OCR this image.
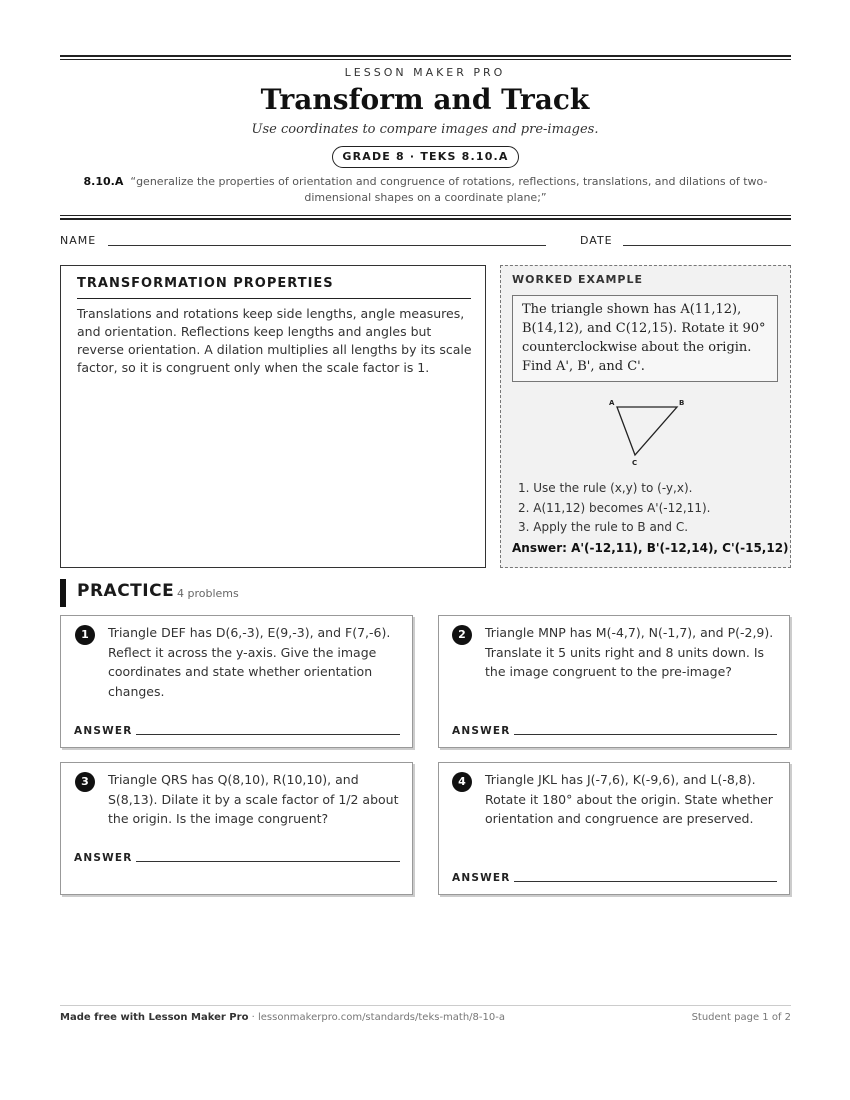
LESSON MAKER PRO
Transform and Track
Use coordinates to compare images and pre-images.
GRADE 8 · TEKS 8.10.A
8.10.A “generalize the properties of orientation and congruence of rotations, reflections, translations, and dilations of two-dimensional shapes on a coordinate plane;”
NAME	DATE
TRANSFORMATION PROPERTIES
Translations and rotations keep side lengths, angle measures, and orientation. Reflections keep lengths and angles but reverse orientation. A dilation multiplies all lengths by its scale factor, so it is congruent only when the scale factor is 1.
WORKED EXAMPLE
The triangle shown has A(11,12), B(14,12), and C(12,15). Rotate it 90° counterclockwise about the origin. Find A', B', and C'.
A	B
C
1. Use the rule (x,y) to (-y,x).
2. A(11,12) becomes A'(-12,11).
3. Apply the rule to B and C.
Answer: A'(-12,11), B'(-12,14), C'(-15,12)
PRACTICE 4 problems
1	Triangle DEF has D(6,-3), E(9,-3), and F(7,-6). Reflect it across the y-axis. Give the image coordinates and state whether orientation changes.
ANSWER
2	Triangle MNP has M(-4,7), N(-1,7), and P(-2,9). Translate it 5 units right and 8 units down. Is the image congruent to the pre-image?
ANSWER
3	Triangle QRS has Q(8,10), R(10,10), and S(8,13). Dilate it by a scale factor of 1/2 about the origin. Is the image congruent?
ANSWER
4	Triangle JKL has J(-7,6), K(-9,6), and L(-8,8). Rotate it 180° about the origin. State whether orientation and congruence are preserved.
ANSWER
Made free with Lesson Maker Pro · lessonmakerpro.com/standards/teks-math/8-10-a	Student page 1 of 2
